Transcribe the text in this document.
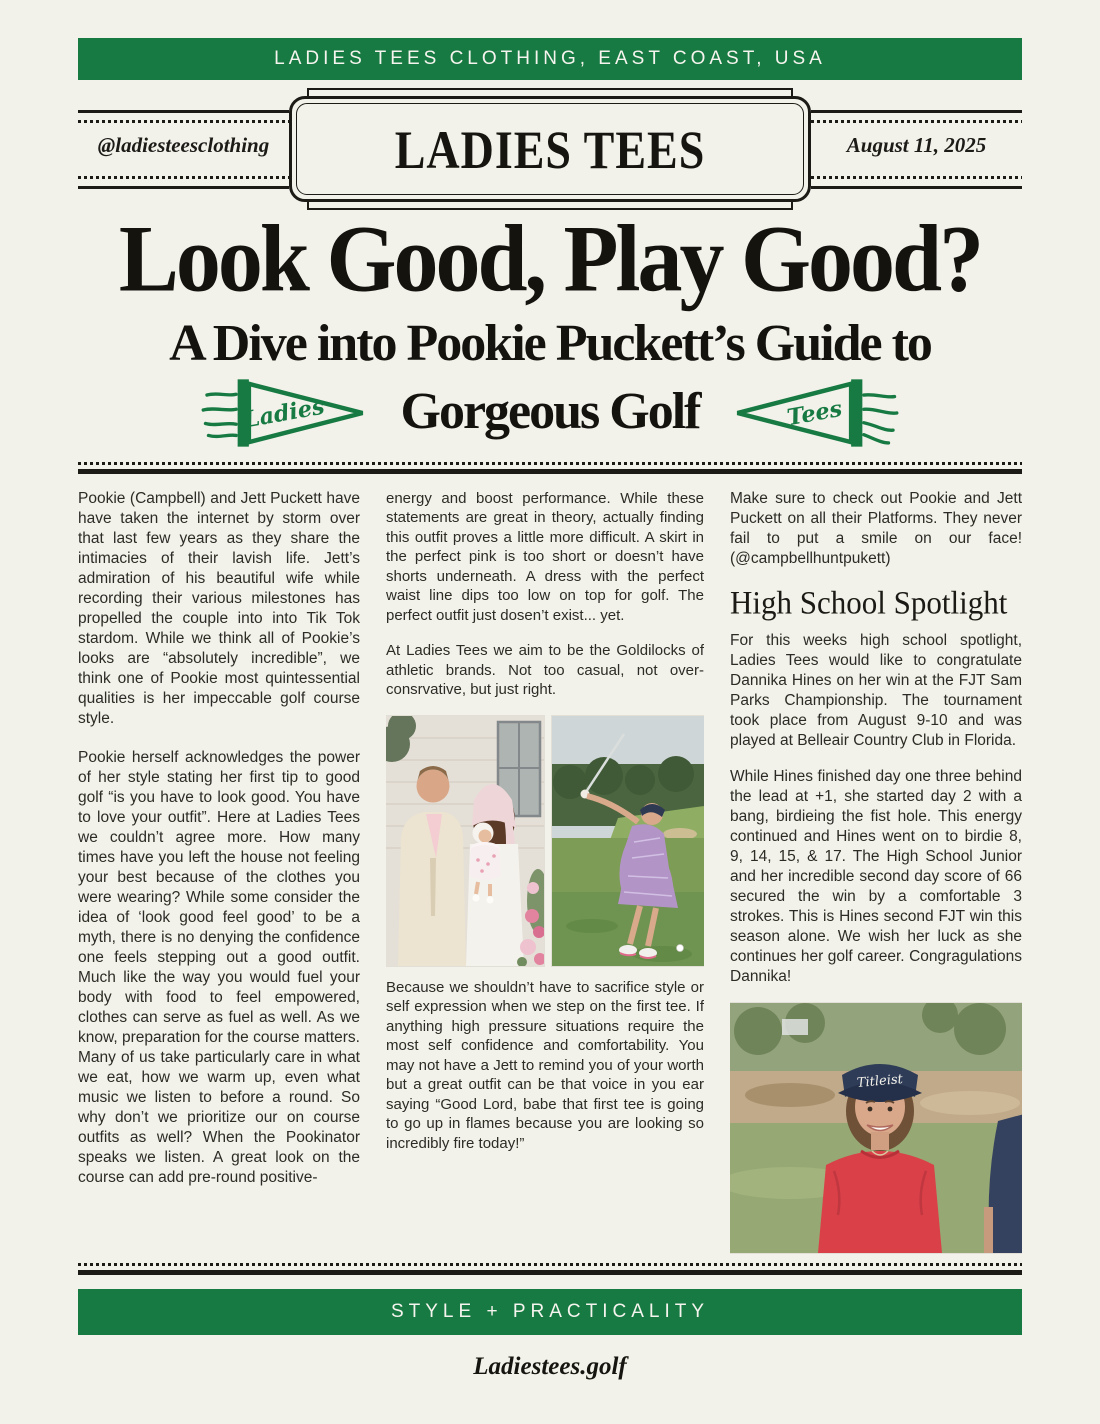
LADIES TEES CLOTHING, EAST COAST, USA
@ladiesteesclothing	LADIES TEES	August 11, 2025
Look Good, Play Good?
A Dive into Pookie Puckett’s Guide to
Ladies Gorgeous Golf	Tees

Pookie (Campbell) and Jett Puckett have have taken the internet by storm over that last few years as they share the intimacies of their lavish life. Jett’s admiration of his beautiful wife while recording their various milestones has propelled the couple into into Tik Tok stardom. While we think all of Pookie’s looks are “absolutely incredible”, we think one of Pookie most quintessential qualities is her impeccable golf course style.

Pookie herself acknowledges the power of her style stating her first tip to good golf “is you have to look good. You have to love your outfit”. Here at Ladies Tees we couldn’t agree more. How many times have you left the house not feeling your best because of the clothes you were wearing? While some consider the idea of ‘look good feel good’ to be a myth, there is no denying the confidence one feels stepping out a good outfit. Much like the way you would fuel your body with food to feel empowered, clothes can serve as fuel as well. As we know, preparation for the course matters. Many of us take particularly care in what we eat, how we warm up, even what music we listen to before a round. So why don’t we prioritize our on course outfits as well? When the Pookinator speaks we listen. A great look on the course can add pre-round positive-

energy and boost performance. While these statements are great in theory, actually finding this outfit proves a little more difficult. A skirt in the perfect pink is too short or doesn’t have shorts underneath. A dress with the perfect waist line dips too low on top for golf. The perfect outfit just dosen’t exist... yet.

At Ladies Tees we aim to be the Goldilocks of athletic brands. Not too casual, not over-consrvative, but just right.

Because we shouldn’t have to sacrifice style or self expression when we step on the first tee. If anything high pressure situations require the most self confidence and comfortability. You may not have a Jett to remind you of your worth but a great outfit can be that voice in you ear saying “Good Lord, babe that first tee is going to go up in flames because you are looking so incredibly fire today!”

Make sure to check out Pookie and Jett Puckett on all their Platforms. They never fail to put a smile on our face! (@campbellhuntpukett)

High School Spotlight

For this weeks high school spotlight, Ladies Tees would like to congratulate Dannika Hines on her win at the FJT Sam Parks Championship. The tournament took place from August 9-10 and was played at Belleair Country Club in Florida.

While Hines finished day one three behind the lead at +1, she started day 2 with a bang, birdieing the fist hole. This energy continued and Hines went on to birdie 8, 9, 14, 15, & 17. The High School Junior and her incredible second day score of 66 secured the win by a comfortable 3 strokes. This is Hines second FJT win this season alone. We wish her luck as she continues her golf career. Congragulations Dannika!

Titleist
STYLE + PRACTICALITY
Ladiestees.golf
